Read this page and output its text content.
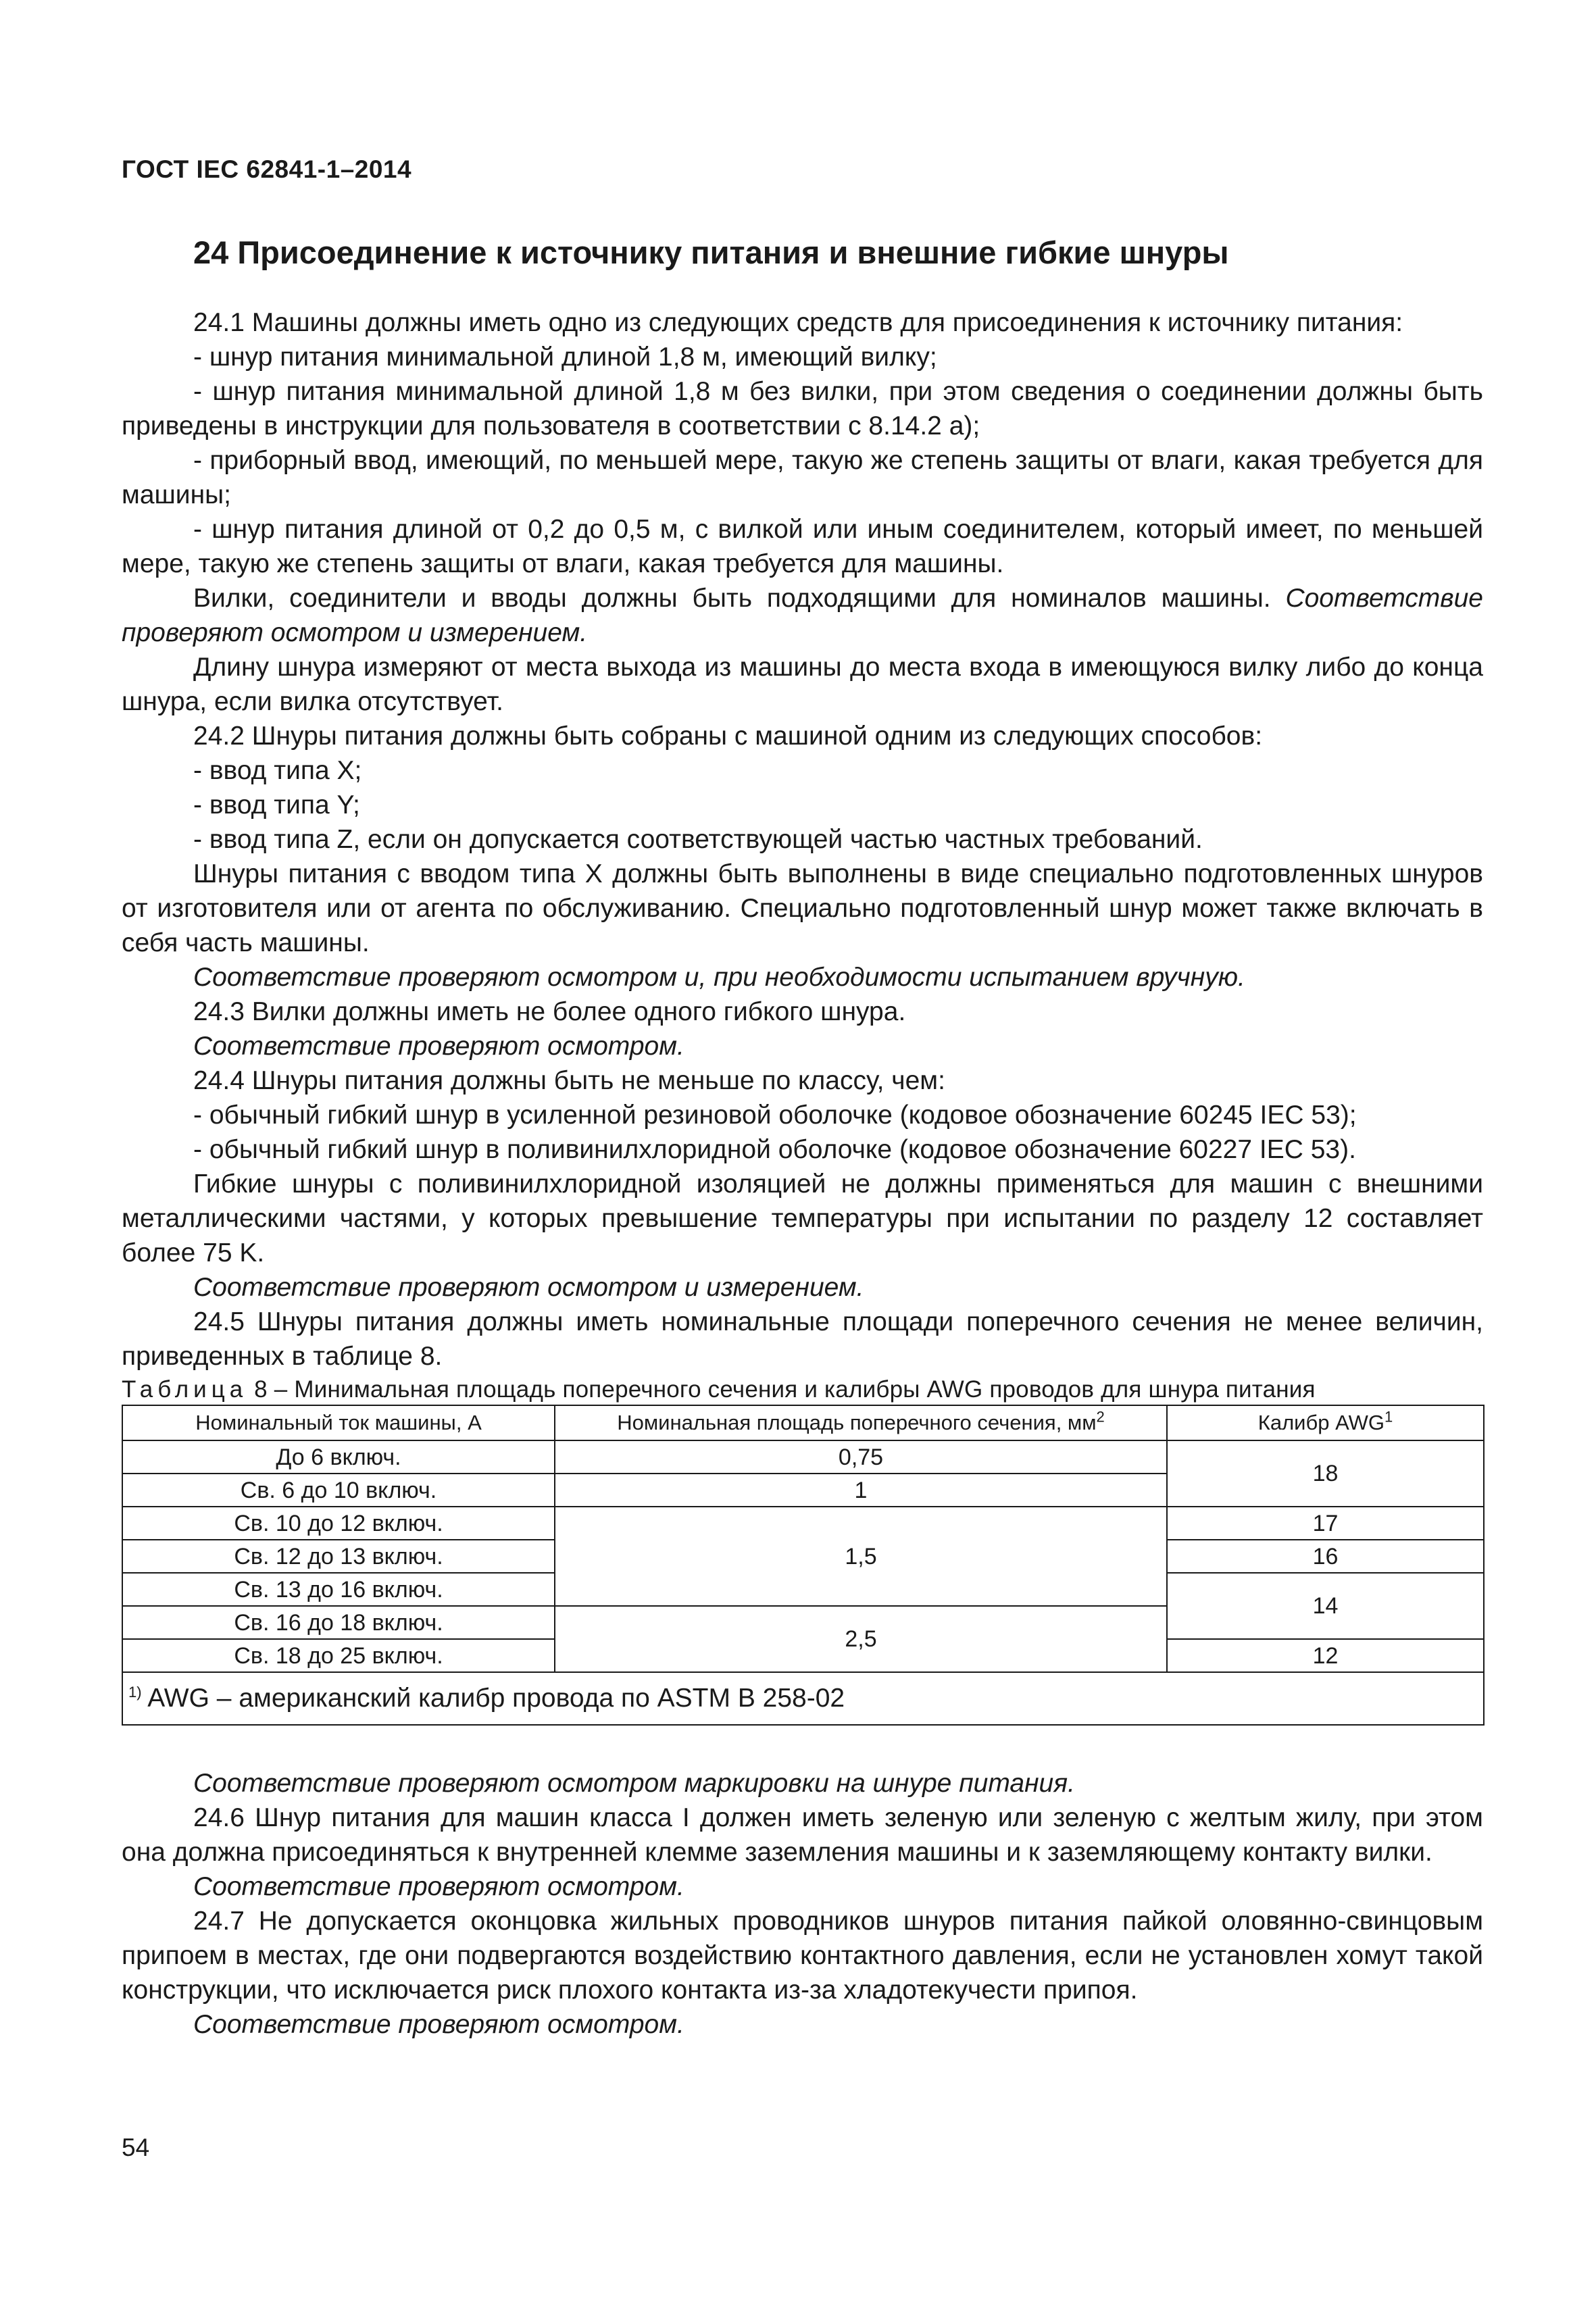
ГОСТ IEC 62841-1–2014
24 Присоединение к источнику питания и внешние гибкие шнуры

24.1 Машины должны иметь одно из следующих средств для присоединения к источнику питания:

- шнур питания минимальной длиной 1,8 м, имеющий вилку;

- шнур питания минимальной длиной 1,8 м без вилки, при этом сведения о соединении должны быть приведены в инструкции для пользователя в соответствии с 8.14.2 a);

- приборный ввод, имеющий, по меньшей мере, такую же степень защиты от влаги, какая требуется для машины;

- шнур питания длиной от 0,2 до 0,5 м, с вилкой или иным соединителем, который имеет, по меньшей мере, такую же степень защиты от влаги, какая требуется для машины.

Вилки, соединители и вводы должны быть подходящими для номиналов машины. Соответствие проверяют осмотром и измерением.

Длину шнура измеряют от места выхода из машины до места входа в имеющуюся вилку либо до конца шнура, если вилка отсутствует.

24.2 Шнуры питания должны быть собраны с машиной одним из следующих способов:

- ввод типа X;

- ввод типа Y;

- ввод типа Z, если он допускается соответствующей частью частных требований.

Шнуры питания с вводом типа X должны быть выполнены в виде специально подготовленных шнуров от изготовителя или от агента по обслуживанию. Специально подготовленный шнур может также включать в себя часть машины.

Соответствие проверяют осмотром и, при необходимости испытанием вручную.

24.3 Вилки должны иметь не более одного гибкого шнура.

Соответствие проверяют осмотром.

24.4 Шнуры питания должны быть не меньше по классу, чем:

- обычный гибкий шнур в усиленной резиновой оболочке (кодовое обозначение 60245 IEC 53);

- обычный гибкий шнур в поливинилхлоридной оболочке (кодовое обозначение 60227 IEC 53).

Гибкие шнуры с поливинилхлоридной изоляцией не должны применяться для машин с внешними металлическими частями, у которых превышение температуры при испытании по разделу 12 составляет более 75 K.

Соответствие проверяют осмотром и измерением.

24.5 Шнуры питания должны иметь номинальные площади поперечного сечения не менее величин, приведенных в таблице 8.

Таблица 8 – Минимальная площадь поперечного сечения и калибры AWG проводов для шнура питания
Номинальный ток машины, А	Номинальная площадь поперечного сечения, $мм^2$	Калибр AWG$^1$
До 6 включ.	0,75	18
Св. 6 до 10 включ.	1	
Св. 10 до 12 включ.	1,5	17
Св. 12 до 13 включ.		16
Св. 13 до 16 включ.		14
Св. 16 до 18 включ.	2,5	
Св. 18 до 25 включ.		12
$^{1)}$ AWG – американский калибр провода по ASTM B 258-02		

Соответствие проверяют осмотром маркировки на шнуре питания.

24.6 Шнур питания для машин класса I должен иметь зеленую или зеленую с желтым жилу, при этом она должна присоединяться к внутренней клемме заземления машины и к заземляющему контакту вилки.

Соответствие проверяют осмотром.

24.7 Не допускается оконцовка жильных проводников шнуров питания пайкой оловянно-свинцовым припоем в местах, где они подвергаются воздействию контактного давления, если не установлен хомут такой конструкции, что исключается риск плохого контакта из-за хладотекучести припоя.

Соответствие проверяют осмотром.

54
